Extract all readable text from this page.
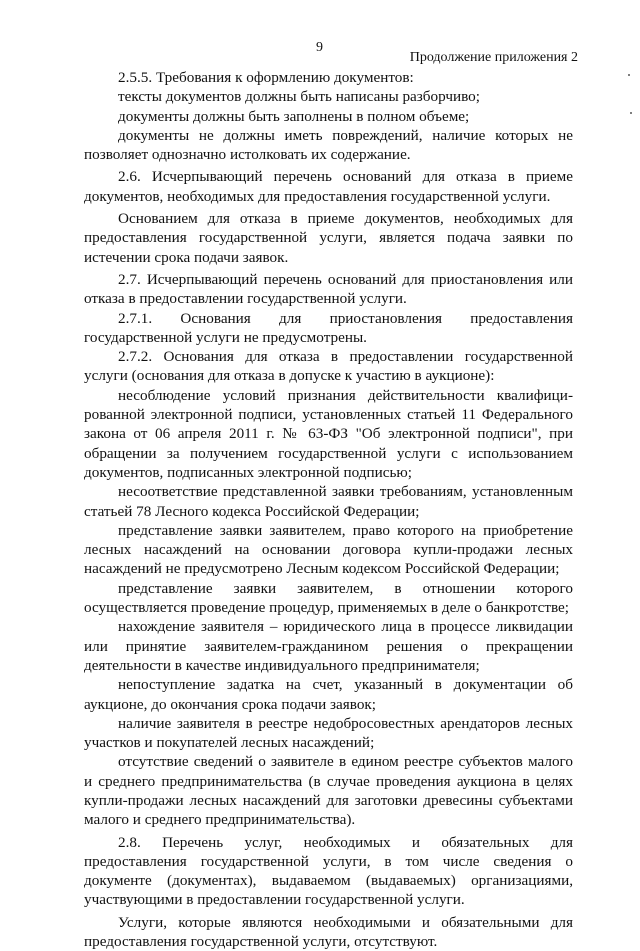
9
Продолжение приложения 2

2.5.5. Требования к оформлению документов:

тексты документов должны быть написаны разборчиво;

документы должны быть заполнены в полном объеме;

документы не должны иметь повреждений, наличие которых не позволяет однозначно истолковать их содержание.

2.6. Исчерпывающий перечень оснований для отказа в приеме документов, необходимых для предоставления государственной услуги.

Основанием для отказа в приеме документов, необходимых для предоставления государственной услуги, является подача заявки по истечении срока подачи заявок.

2.7. Исчерпывающий перечень оснований для приостановления или отказа в предоставлении государственной услуги.

2.7.1. Основания для приостановления предоставления государственной услуги не предусмотрены.

2.7.2. Основания для отказа в предоставлении государственной услуги (основания для отказа в допуске к участию в аукционе):

несоблюдение условий признания действительности квалифицированной электронной подписи, установленных статьей 11 Федерального закона от 06 апреля 2011 г. № 63-ФЗ "Об электронной подписи", при обращении за получением государственной услуги с использованием документов, подписанных электронной подписью;

несоответствие представленной заявки требованиям, установленным статьей 78 Лесного кодекса Российской Федерации;

представление заявки заявителем, право которого на приобретение лесных насаждений на основании договора купли-продажи лесных насаждений не предусмотрено Лесным кодексом Российской Федерации;

представление заявки заявителем, в отношении которого осуществляется проведение процедур, применяемых в деле о банкротстве;

нахождение заявителя – юридического лица в процессе ликвидации или принятие заявителем-гражданином решения о прекращении деятельности в качестве индивидуального предпринимателя;

непоступление задатка на счет, указанный в документации об аукционе, до окончания срока подачи заявок;

наличие заявителя в реестре недобросовестных арендаторов лесных участков и покупателей лесных насаждений;

отсутствие сведений о заявителе в едином реестре субъектов малого и среднего предпринимательства (в случае проведения аукциона в целях купли-продажи лесных насаждений для заготовки древесины субъектами малого и среднего предпринимательства).

2.8. Перечень услуг, необходимых и обязательных для предоставления государственной услуги, в том числе сведения о документе (документах), выдаваемом (выдаваемых) организациями, участвующими в предоставлении государственной услуги.

Услуги, которые являются необходимыми и обязательными для предоставления государственной услуги, отсутствуют.
